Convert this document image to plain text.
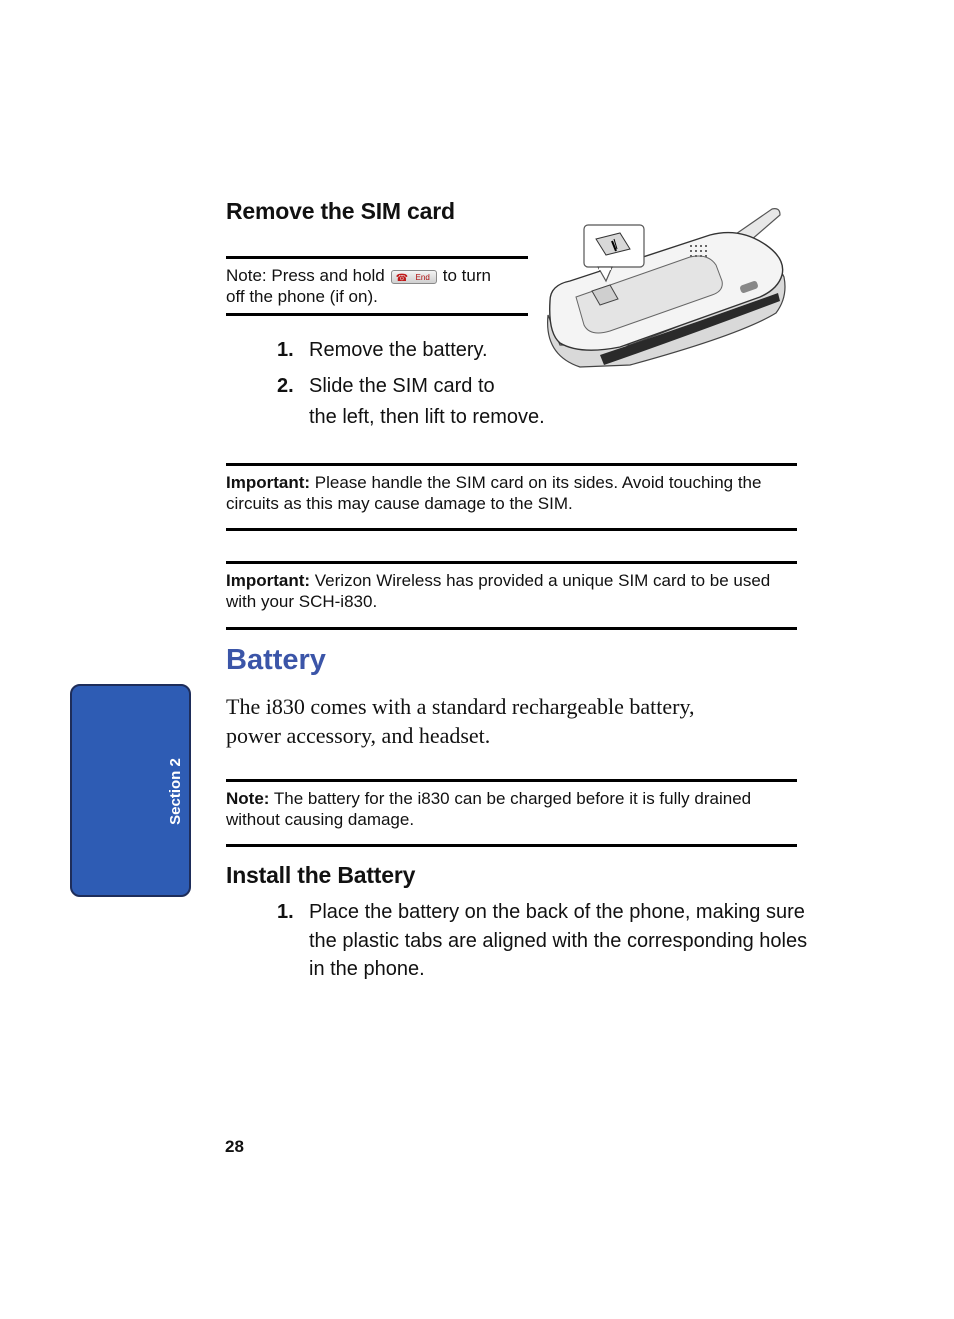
Remove the SIM card
Note: Press and hold ☎ End to turn
off the phone (if on).
1. Remove the battery.
2. Slide the SIM card to
the left, then lift to remove.
Important: Please handle the SIM card on its sides. Avoid touching the
circuits as this may cause damage to the SIM.
Important: Verizon Wireless has provided a unique SIM card to be used
with your SCH-i830.
Battery
The i830 comes with a standard rechargeable battery,
power accessory, and headset.
Note: The battery for the i830 can be charged before it is fully drained
without causing damage.
Install the Battery
1. Place the battery on the back of the phone, making sure
the plastic tabs are aligned with the corresponding holes
in the phone.
Section 2
28
